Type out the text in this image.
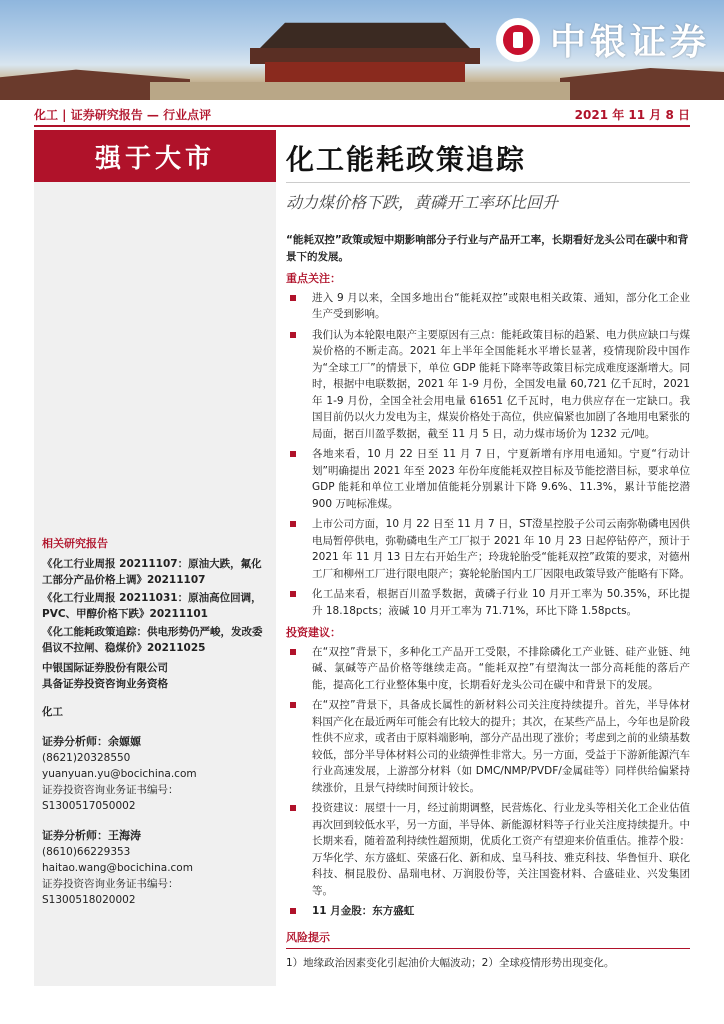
中银证券
化工 | 证券研究报告 — 行业点评	2021 年 11 月 8 日
强于大市
相关研究报告
《化工行业周报 20211107：原油大跌，氟化工部分产品价格上调》20211107
《化工行业周报 20211031：原油高位回调，PVC、甲醇价格下跌》20211101
《化工能耗政策追踪：供电形势仍严峻，发改委倡议不拉闸、稳煤价》20211025
中银国际证券股份有限公司
具备证券投资咨询业务资格
化工
证券分析师：余嫄嫄
(8621)20328550
yuanyuan.yu@bocichina.com
证券投资咨询业务证书编号：S1300517050002
证券分析师：王海涛
(8610)66229353
haitao.wang@bocichina.com
证券投资咨询业务证书编号：S1300518020002
化工能耗政策追踪
动力煤价格下跌，黄磷开工率环比回升
“能耗双控”政策或短中期影响部分子行业与产品开工率，长期看好龙头公司在碳中和背景下的发展。
重点关注：
进入 9 月以来，全国多地出台“能耗双控”或限电相关政策、通知，部分化工企业生产受到影响。
我们认为本轮限电限产主要原因有三点：能耗政策目标的趋紧、电力供应缺口与煤炭价格的不断走高。2021 年上半年全国能耗水平增长显著，疫情现阶段中国作为“全球工厂”的情景下，单位 GDP 能耗下降率等政策目标完成难度逐渐增大。同时，根据中电联数据，2021 年 1-9 月份，全国发电量 60,721 亿千瓦时，2021 年 1-9 月份，全国全社会用电量 61651 亿千瓦时，电力供应存在一定缺口。我国目前仍以火力发电为主，煤炭价格处于高位，供应偏紧也加剧了各地用电紧张的局面，据百川盈孚数据，截至 11 月 5 日，动力煤市场价为 1232 元/吨。
各地来看，10 月 22 日至 11 月 7 日，宁夏新增有序用电通知。宁夏“行动计划”明确提出 2021 年至 2023 年份年度能耗双控目标及节能挖潜目标，要求单位 GDP 能耗和单位工业增加值能耗分别累计下降 9.6%、11.3%，累计节能挖潜 900 万吨标准煤。
上市公司方面，10 月 22 日至 11 月 7 日，ST澄星控股子公司云南弥勒磷电因供电局暂停供电，弥勒磷电生产工厂拟于 2021 年 10 月 23 日起停钻停产，预计于 2021 年 11 月 13 日左右开始生产；玲珑轮胎受“能耗双控”政策的要求，对德州工厂和柳州工厂进行限电限产；赛轮轮胎国内工厂因限电政策导致产能略有下降。
化工品来看，根据百川盈孚数据，黄磷子行业 10 月开工率为 50.35%，环比提升 18.18pcts；液碱 10 月开工率为 71.71%，环比下降 1.58pcts。
投资建议：
在“双控”背景下，多种化工产品开工受限，不排除磷化工产业链、硅产业链、纯碱、氯碱等产品价格等继续走高。“能耗双控”有望淘汰一部分高耗能的落后产能，提高化工行业整体集中度，长期看好龙头公司在碳中和背景下的发展。
在“双控”背景下，具备成长属性的新材料公司关注度持续提升。首先，半导体材料国产化在最近两年可能会有比较大的提升；其次，在某些产品上，今年也是阶段性供不应求，或者由于原料端影响，部分产品出现了涨价；考虑到之前的业绩基数较低，部分半导体材料公司的业绩弹性非常大。另一方面，受益于下游新能源汽车行业高速发展，上游部分材料（如 DMC/NMP/PVDF/金属硅等）同样供给偏紧持续涨价，且景气持续时间预计较长。
投资建议：展望十一月，经过前期调整，民营炼化、行业龙头等相关化工企业估值再次回到较低水平，另一方面，半导体、新能源材料等子行业关注度持续提升。中长期来看，随着盈利持续性超预期，优质化工资产有望迎来价值重估。推荐个股：万华化学、东方盛虹、荣盛石化、新和成、皇马科技、雅克科技、华鲁恒升、联化科技、桐昆股份、晶瑞电材、万润股份等，关注国瓷材料、合盛硅业、兴发集团等。
11 月金股：东方盛虹
风险提示
1）地缘政治因素变化引起油价大幅波动；2）全球疫情形势出现变化。
